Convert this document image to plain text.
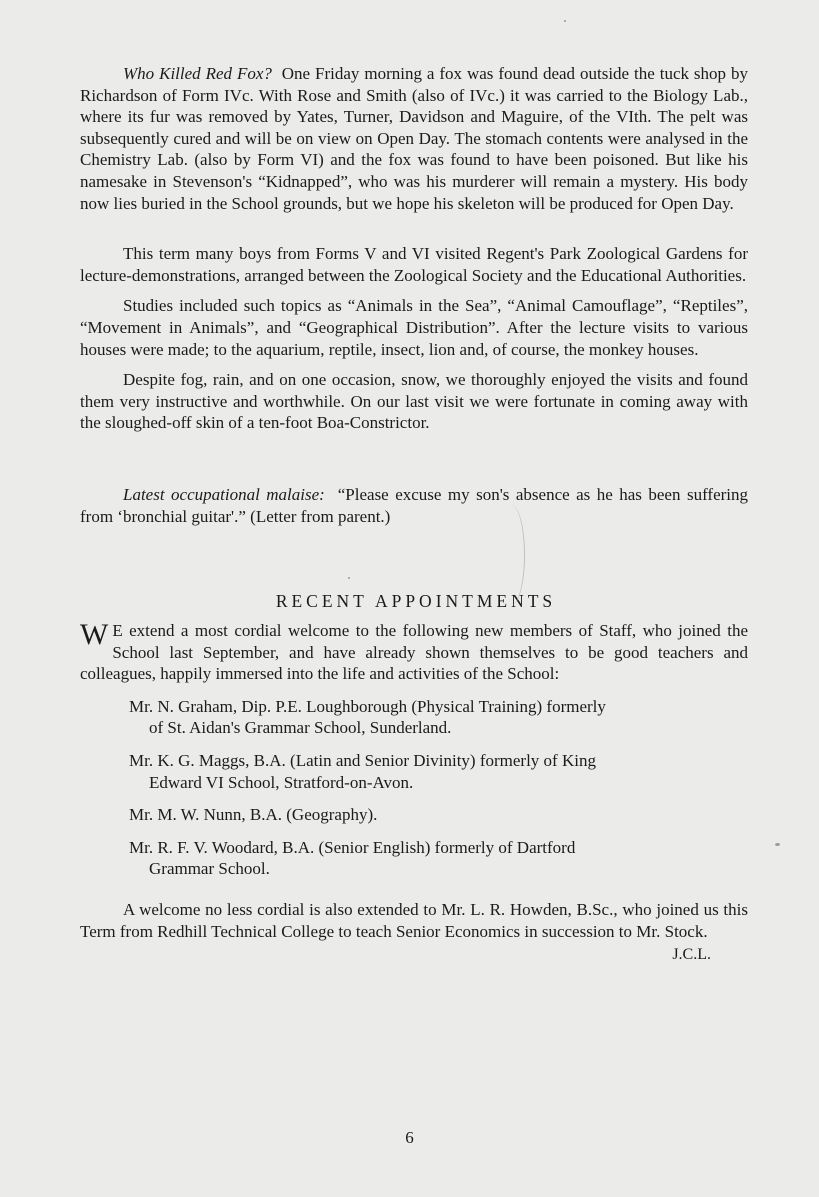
Who Killed Red Fox? One Friday morning a fox was found dead outside the tuck shop by Richardson of Form IVc. With Rose and Smith (also of IVc.) it was carried to the Biology Lab., where its fur was removed by Yates, Turner, Davidson and Maguire, of the VIth. The pelt was subsequently cured and will be on view on Open Day. The stomach contents were analysed in the Chemistry Lab. (also by Form VI) and the fox was found to have been poisoned. But like his namesake in Stevenson's “Kidnapped”, who was his murderer will remain a mystery. His body now lies buried in the School grounds, but we hope his skeleton will be produced for Open Day.

This term many boys from Forms V and VI visited Regent's Park Zoological Gardens for lecture-demonstrations, arranged between the Zoological Society and the Educational Authorities.

Studies included such topics as “Animals in the Sea”, “Animal Camouflage”, “Reptiles”, “Movement in Animals”, and “Geographical Distribution”. After the lecture visits to various houses were made; to the aquarium, reptile, insect, lion and, of course, the monkey houses.

Despite fog, rain, and on one occasion, snow, we thoroughly enjoyed the visits and found them very instructive and worthwhile. On our last visit we were fortunate in coming away with the sloughed-off skin of a ten-foot Boa-Constrictor.

Latest occupational malaise: “Please excuse my son's absence as he has been suffering from ‘bronchial guitar'.” (Letter from parent.)

RECENT APPOINTMENTS

W E extend a most cordial welcome to the following new members of Staff, who joined the School last September, and have already shown themselves to be good teachers and colleagues, happily immersed into the life and activities of the School:

Mr. N. Graham, Dip. P.E. Loughborough (Physical Training) formerly
of St. Aidan's Grammar School, Sunderland.
Mr. K. G. Maggs, B.A. (Latin and Senior Divinity) formerly of King
Edward VI School, Stratford-on-Avon.
Mr. M. W. Nunn, B.A. (Geography).
Mr. R. F. V. Woodard, B.A. (Senior English) formerly of Dartford
Grammar School.

A welcome no less cordial is also extended to Mr. L. R. Howden, B.Sc., who joined us this Term from Redhill Technical College to teach Senior Economics in succession to Mr. Stock.

J.C.L.

6
